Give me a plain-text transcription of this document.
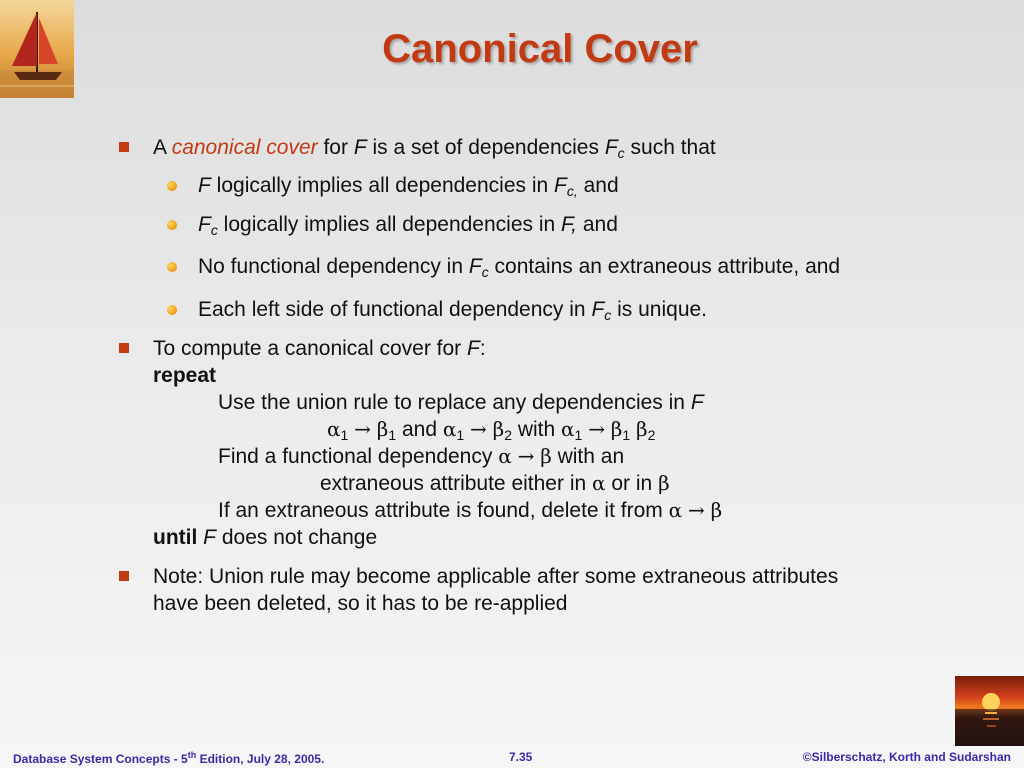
Canonical Cover
A canonical cover for F is a set of dependencies $F_c$ such that
F logically implies all dependencies in $F_{c,}$ and
$F_c$ logically implies all dependencies in F, and
No functional dependency in $F_c$ contains an extraneous attribute, and
Each left side of functional dependency in $F_c$ is unique.
To compute a canonical cover for F:
repeat
Use the union rule to replace any dependencies in F
$\alpha_1 \to \beta_1$ and $\alpha_1 \to \beta_2$ with $\alpha_1 \to \beta_1$ $\beta_2$
Find a functional dependency α → β with an
extraneous attribute either in α or in β
If an extraneous attribute is found, delete it from α → β
until F does not change
Note: Union rule may become applicable after some extraneous attributes
have been deleted, so it has to be re-applied
Database System Concepts - 5th Edition, July 28, 2005.	7.35	©Silberschatz, Korth and Sudarshan
